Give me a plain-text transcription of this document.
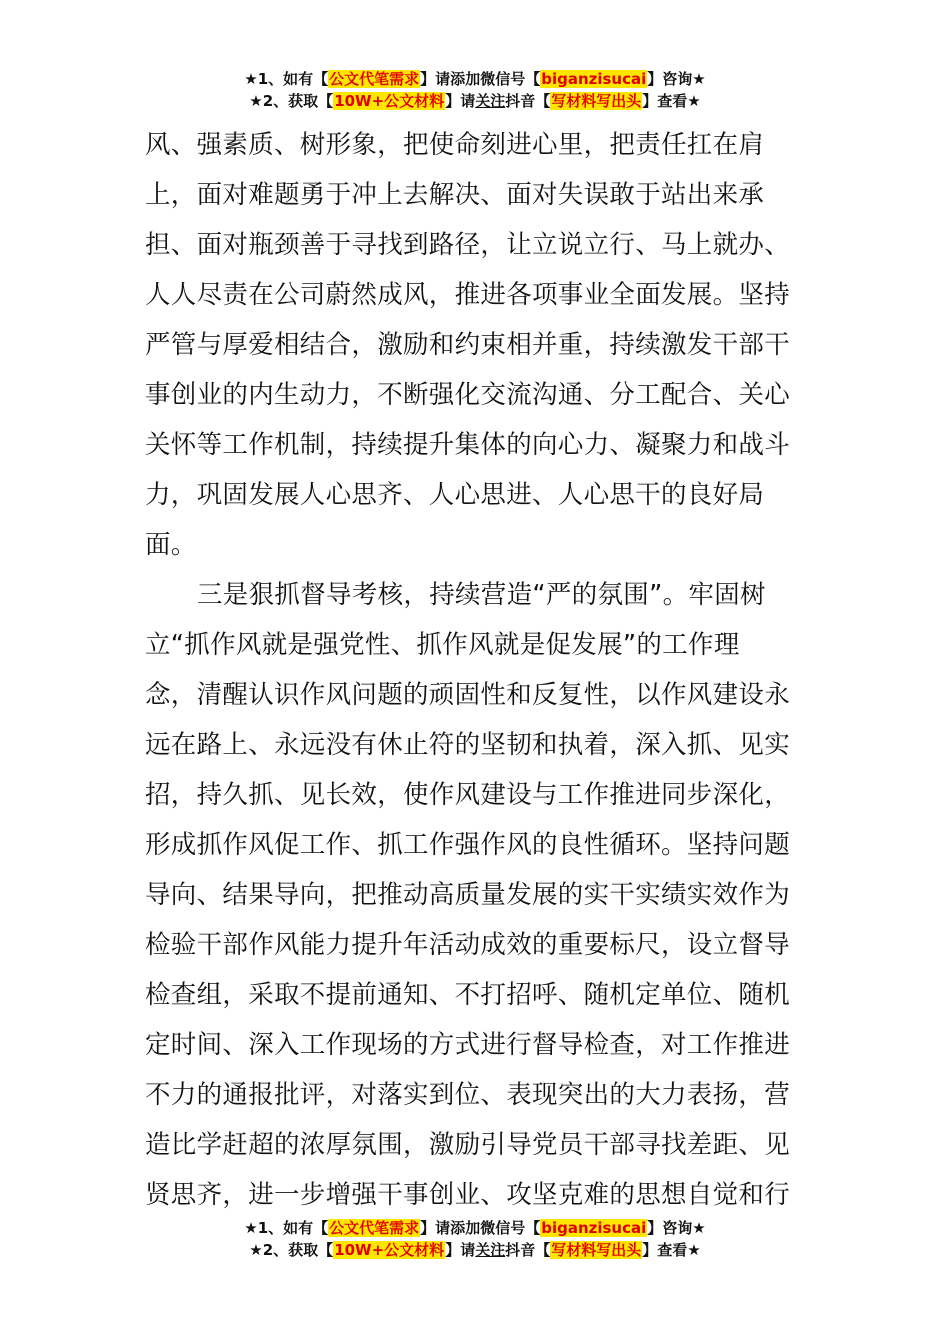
★1、如有【公文代笔需求】请添加微信号【biganzisucai】咨询★
★2、获取【10W+公文材料】请关注抖音【写材料写出头】查看★
风、强素质、树形象，把使命刻进心里，把责任扛在肩
上，面对难题勇于冲上去解决、面对失误敢于站出来承
担、面对瓶颈善于寻找到路径，让立说立行、马上就办、
人人尽责在公司蔚然成风，推进各项事业全面发展。坚持
严管与厚爱相结合，激励和约束相并重，持续激发干部干
事创业的内生动力，不断强化交流沟通、分工配合、关心
关怀等工作机制，持续提升集体的向心力、凝聚力和战斗
力，巩固发展人心思齐、人心思进、人心思干的良好局
面。
三是狠抓督导考核，持续营造“严的氛围”。牢固树
立“抓作风就是强党性、抓作风就是促发展”的工作理
念，清醒认识作风问题的顽固性和反复性，以作风建设永
远在路上、永远没有休止符的坚韧和执着，深入抓、见实
招，持久抓、见长效，使作风建设与工作推进同步深化，
形成抓作风促工作、抓工作强作风的良性循环。坚持问题
导向、结果导向，把推动高质量发展的实干实绩实效作为
检验干部作风能力提升年活动成效的重要标尺，设立督导
检查组，采取不提前通知、不打招呼、随机定单位、随机
定时间、深入工作现场的方式进行督导检查，对工作推进
不力的通报批评，对落实到位、表现突出的大力表扬，营
造比学赶超的浓厚氛围，激励引导党员干部寻找差距、见
贤思齐，进一步增强干事创业、攻坚克难的思想自觉和行
★1、如有【公文代笔需求】请添加微信号【biganzisucai】咨询★
★2、获取【10W+公文材料】请关注抖音【写材料写出头】查看★
